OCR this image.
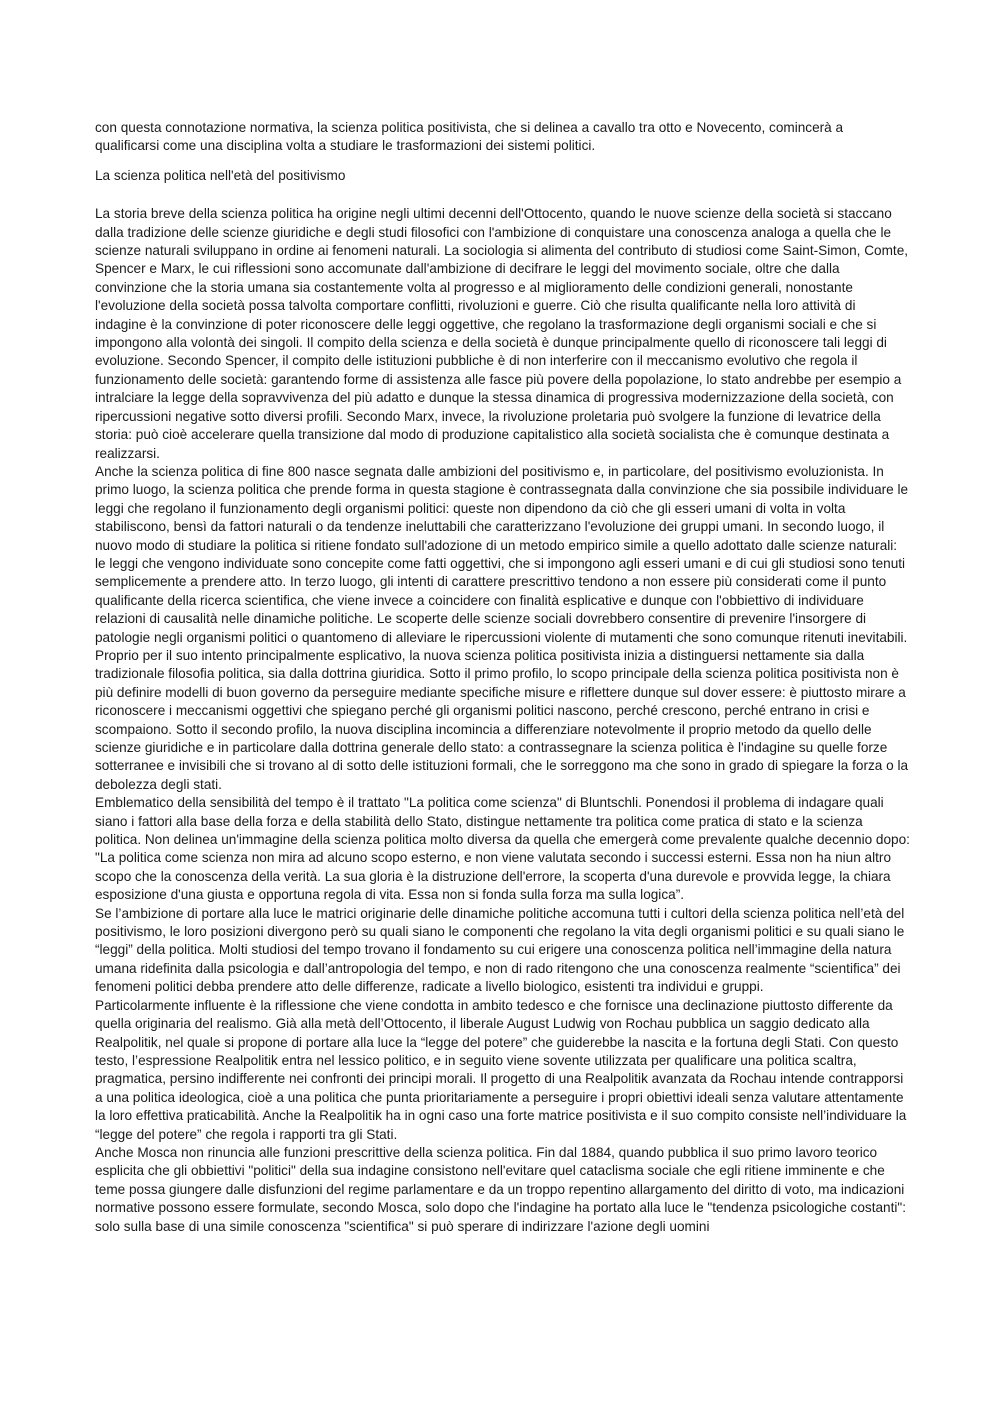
con questa connotazione normativa, la scienza politica positivista, che si delinea a cavallo tra otto e Novecento, comincerà a qualificarsi come una disciplina volta a studiare le trasformazioni dei sistemi politici.

La scienza politica nell'età del positivismo

La storia breve della scienza politica ha origine negli ultimi decenni dell'Ottocento, quando le nuove scienze della società si staccano dalla tradizione delle scienze giuridiche e degli studi filosofici con l'ambizione di conquistare una conoscenza analoga a quella che le scienze naturali sviluppano in ordine ai fenomeni naturali. La sociologia si alimenta del contributo di studiosi come Saint-Simon, Comte, Spencer e Marx, le cui riflessioni sono accomunate dall'ambizione di decifrare le leggi del movimento sociale, oltre che dalla convinzione che la storia umana sia costantemente volta al progresso e al miglioramento delle condizioni generali, nonostante l'evoluzione della società possa talvolta comportare conflitti, rivoluzioni e guerre. Ciò che risulta qualificante nella loro attività di indagine è la convinzione di poter riconoscere delle leggi oggettive, che regolano la trasformazione degli organismi sociali e che si impongono alla volontà dei singoli. Il compito della scienza e della società è dunque principalmente quello di riconoscere tali leggi di evoluzione. Secondo Spencer, il compito delle istituzioni pubbliche è di non interferire con il meccanismo evolutivo che regola il funzionamento delle società: garantendo forme di assistenza alle fasce più povere della popolazione, lo stato andrebbe per esempio a intralciare la legge della sopravvivenza del più adatto e dunque la stessa dinamica di progressiva modernizzazione della società, con ripercussioni negative sotto diversi profili. Secondo Marx, invece, la rivoluzione proletaria può svolgere la funzione di levatrice della storia: può cioè accelerare quella transizione dal modo di produzione capitalistico alla società socialista che è comunque destinata a realizzarsi.

Anche la scienza politica di fine 800 nasce segnata dalle ambizioni del positivismo e, in particolare, del positivismo evoluzionista. In primo luogo, la scienza politica che prende forma in questa stagione è contrassegnata dalla convinzione che sia possibile individuare le leggi che regolano il funzionamento degli organismi politici: queste non dipendono da ciò che gli esseri umani di volta in volta stabiliscono, bensì da fattori naturali o da tendenze ineluttabili che caratterizzano l'evoluzione dei gruppi umani. In secondo luogo, il nuovo modo di studiare la politica si ritiene fondato sull'adozione di un metodo empirico simile a quello adottato dalle scienze naturali: le leggi che vengono individuate sono concepite come fatti oggettivi, che si impongono agli esseri umani e di cui gli studiosi sono tenuti semplicemente a prendere atto. In terzo luogo, gli intenti di carattere prescrittivo tendono a non essere più considerati come il punto qualificante della ricerca scientifica, che viene invece a coincidere con finalità esplicative e dunque con l'obbiettivo di individuare relazioni di causalità nelle dinamiche politiche. Le scoperte delle scienze sociali dovrebbero consentire di prevenire l'insorgere di patologie negli organismi politici o quantomeno di alleviare le ripercussioni violente di mutamenti che sono comunque ritenuti inevitabili.

Proprio per il suo intento principalmente esplicativo, la nuova scienza politica positivista inizia a distinguersi nettamente sia dalla tradizionale filosofia politica, sia dalla dottrina giuridica. Sotto il primo profilo, lo scopo principale della scienza politica positivista non è più definire modelli di buon governo da perseguire mediante specifiche misure e riflettere dunque sul dover essere: è piuttosto mirare a riconoscere i meccanismi oggettivi che spiegano perché gli organismi politici nascono, perché crescono, perché entrano in crisi e scompaiono. Sotto il secondo profilo, la nuova disciplina incomincia a differenziare notevolmente il proprio metodo da quello delle scienze giuridiche e in particolare dalla dottrina generale dello stato: a contrassegnare la scienza politica è l'indagine su quelle forze sotterranee e invisibili che si trovano al di sotto delle istituzioni formali, che le sorreggono ma che sono in grado di spiegare la forza o la debolezza degli stati.

Emblematico della sensibilità del tempo è il trattato "La politica come scienza" di Bluntschli. Ponendosi il problema di indagare quali siano i fattori alla base della forza e della stabilità dello Stato, distingue nettamente tra politica come pratica di stato e la scienza politica. Non delinea un'immagine della scienza politica molto diversa da quella che emergerà come prevalente qualche decennio dopo:

"La politica come scienza non mira ad alcuno scopo esterno, e non viene valutata secondo i successi esterni. Essa non ha niun altro scopo che la conoscenza della verità. La sua gloria è la distruzione dell'errore, la scoperta d'una durevole e provvida legge, la chiara esposizione d'una giusta e opportuna regola di vita. Essa non si fonda sulla forza ma sulla logica”.

Se l’ambizione di portare alla luce le matrici originarie delle dinamiche politiche accomuna tutti i cultori della scienza politica nell’età del positivismo, le loro posizioni divergono però su quali siano le componenti che regolano la vita degli organismi politici e su quali siano le “leggi” della politica. Molti studiosi del tempo trovano il fondamento su cui erigere una conoscenza politica nell’immagine della natura umana ridefinita dalla psicologia e dall’antropologia del tempo, e non di rado ritengono che una conoscenza realmente “scientifica” dei fenomeni politici debba prendere atto delle differenze, radicate a livello biologico, esistenti tra individui e gruppi.

Particolarmente influente è la riflessione che viene condotta in ambito tedesco e che fornisce una declinazione piuttosto differente da quella originaria del realismo. Già alla metà dell’Ottocento, il liberale August Ludwig von Rochau pubblica un saggio dedicato alla Realpolitik, nel quale si propone di portare alla luce la “legge del potere” che guiderebbe la nascita e la fortuna degli Stati. Con questo testo, l’espressione Realpolitik entra nel lessico politico, e in seguito viene sovente utilizzata per qualificare una politica scaltra, pragmatica, persino indifferente nei confronti dei principi morali. Il progetto di una Realpolitik avanzata da Rochau intende contrapporsi a una politica ideologica, cioè a una politica che punta prioritariamente a perseguire i propri obiettivi ideali senza valutare attentamente la loro effettiva praticabilità. Anche la Realpolitik ha in ogni caso una forte matrice positivista e il suo compito consiste nell’individuare la “legge del potere” che regola i rapporti tra gli Stati.

Anche Mosca non rinuncia alle funzioni prescrittive della scienza politica. Fin dal 1884, quando pubblica il suo primo lavoro teorico esplicita che gli obbiettivi "politici" della sua indagine consistono nell'evitare quel cataclisma sociale che egli ritiene imminente e che teme possa giungere dalle disfunzioni del regime parlamentare e da un troppo repentino allargamento del diritto di voto, ma indicazioni normative possono essere formulate, secondo Mosca, solo dopo che l'indagine ha portato alla luce le "tendenza psicologiche costanti": solo sulla base di una simile conoscenza "scientifica" si può sperare di indirizzare l'azione degli uomini
